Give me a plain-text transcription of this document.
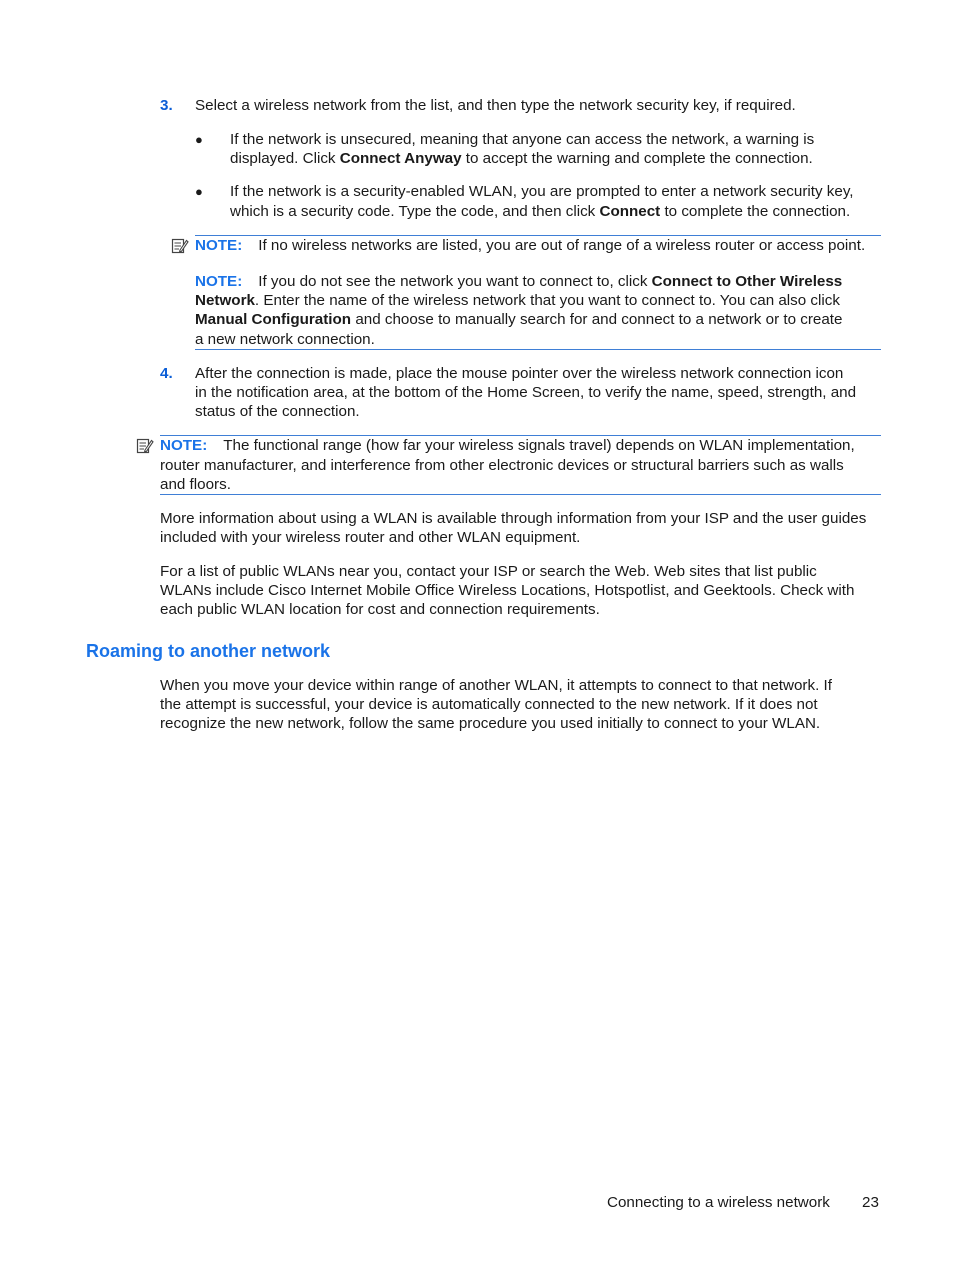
3. Select a wireless network from the list, and then type the network security key, if required.
● If the network is unsecured, meaning that anyone can access the network, a warning is
displayed. Click Connect Anyway to accept the warning and complete the connection.
● If the network is a security-enabled WLAN, you are prompted to enter a network security key,
which is a security code. Type the code, and then click Connect to complete the connection.
NOTE: If no wireless networks are listed, you are out of range of a wireless router or access point.
NOTE: If you do not see the network you want to connect to, click Connect to Other Wireless
Network. Enter the name of the wireless network that you want to connect to. You can also click
Manual Configuration and choose to manually search for and connect to a network or to create
a new network connection.
4. After the connection is made, place the mouse pointer over the wireless network connection icon
in the notification area, at the bottom of the Home Screen, to verify the name, speed, strength, and
status of the connection.
NOTE: The functional range (how far your wireless signals travel) depends on WLAN implementation,
router manufacturer, and interference from other electronic devices or structural barriers such as walls
and floors.
More information about using a WLAN is available through information from your ISP and the user guides
included with your wireless router and other WLAN equipment.
For a list of public WLANs near you, contact your ISP or search the Web. Web sites that list public
WLANs include Cisco Internet Mobile Office Wireless Locations, Hotspotlist, and Geektools. Check with
each public WLAN location for cost and connection requirements.
Roaming to another network
When you move your device within range of another WLAN, it attempts to connect to that network. If
the attempt is successful, your device is automatically connected to the new network. If it does not
recognize the new network, follow the same procedure you used initially to connect to your WLAN.
Connecting to a wireless network 23
